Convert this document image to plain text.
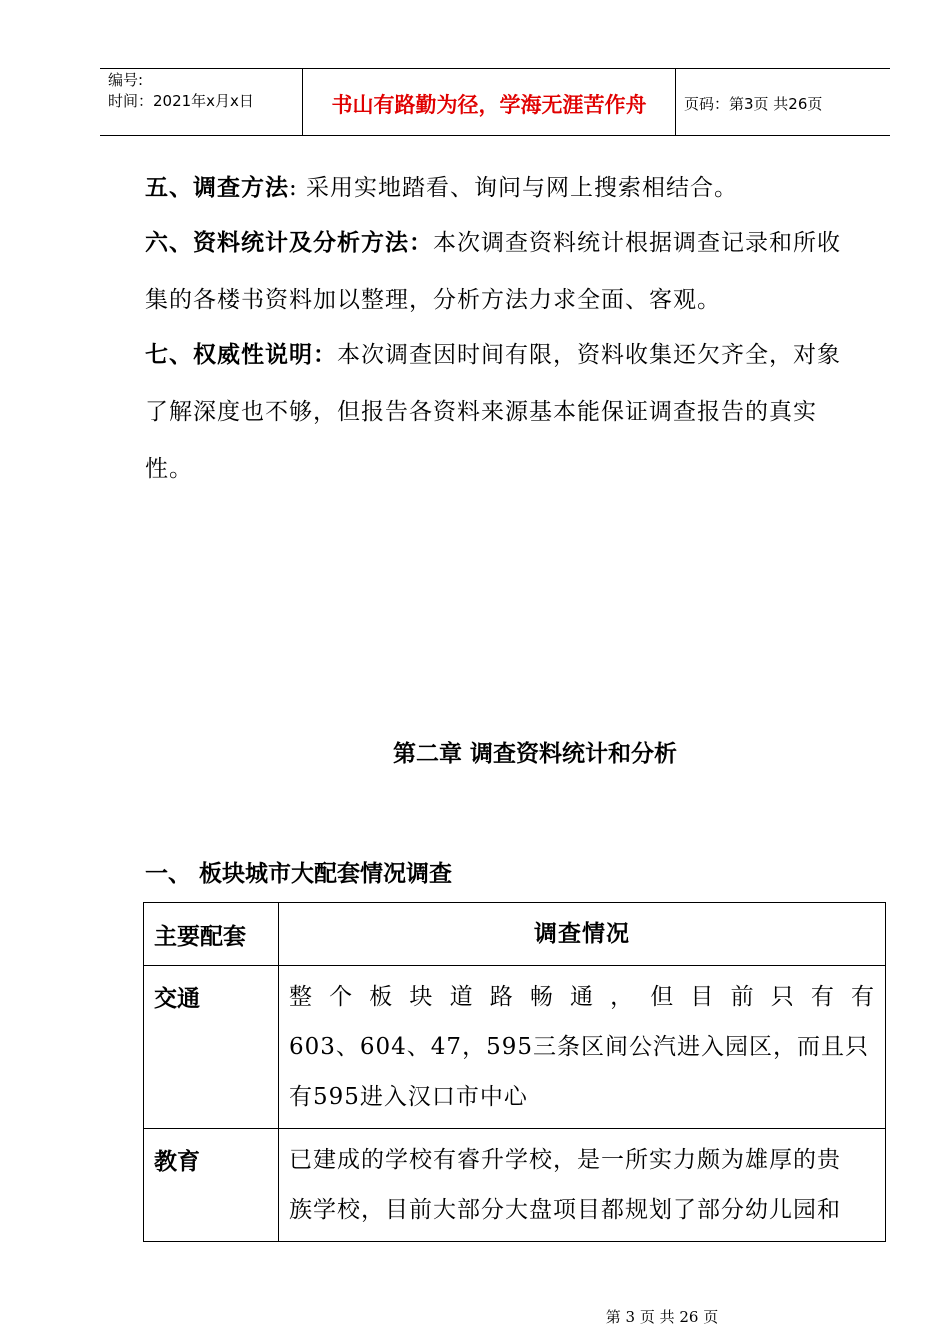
编号:
时间：2021年x月x日	书山有路勤为径，学海无涯苦作舟	页码：第3页 共26页
五、调查方法: 采用实地踏看、询问与网上搜索相结合。
六、资料统计及分析方法：本次调查资料统计根据调查记录和所收集的各楼书资料加以整理，分析方法力求全面、客观。
七、权威性说明：本次调查因时间有限，资料收集还欠齐全，对象了解深度也不够，但报告各资料来源基本能保证调查报告的真实性。
第二章 调查资料统计和分析
一、 板块城市大配套情况调查
主要配套	调查情况
交通	整个板块道路畅通，但目前只有有
603、604、47，595三条区间公汽进入园区，而且只
有595进入汉口市中心

教育	已建成的学校有睿升学校，是一所实力颇为雄厚的贵
族学校，目前大部分大盘项目都规划了部分幼儿园和
第 3 页 共 26 页
